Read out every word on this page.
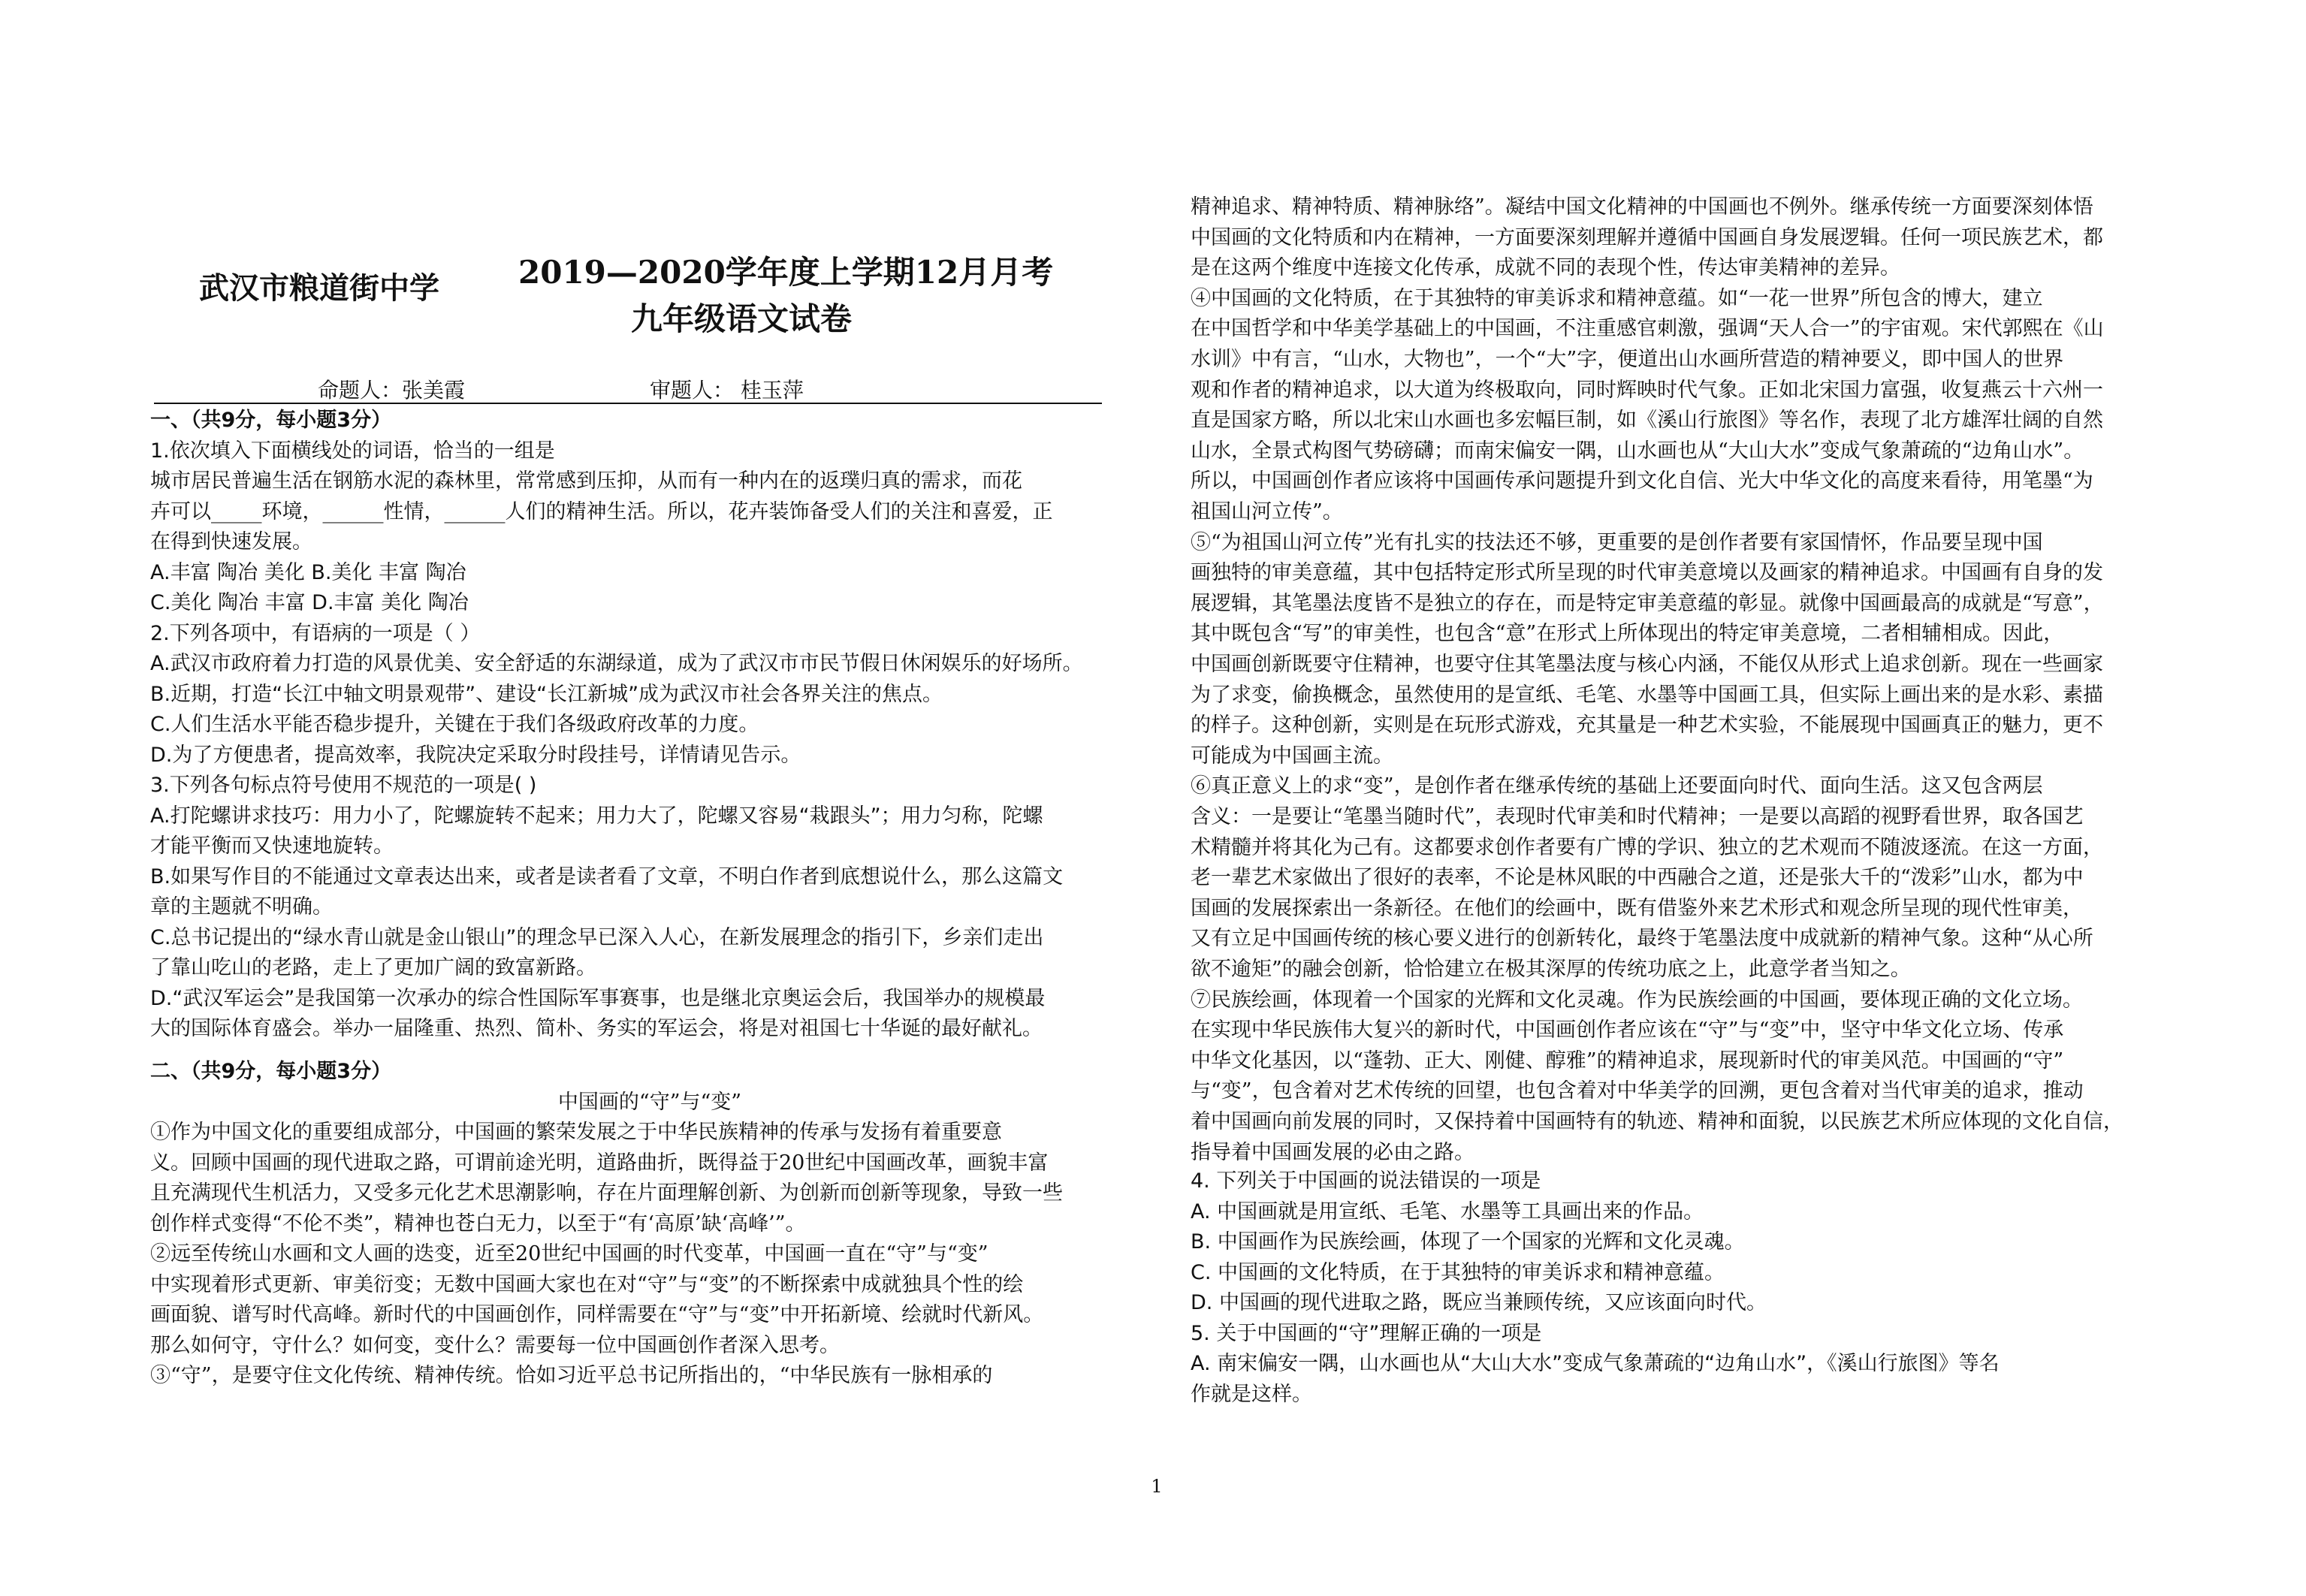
武汉市粮道街中学	2019—2020学年度上学期12月月考
九年级语文试卷
命题人：张美霞	审题人： 桂玉萍
一、（共9分，每小题3分）
1.依次填入下面横线处的词语，恰当的一组是
城市居民普遍生活在钢筋水泥的森林里，常常感到压抑，从而有一种内在的返璞归真的需求，而花
卉可以_____环境，______性情，______人们的精神生活。所以，花卉装饰备受人们的关注和喜爱，正
在得到快速发展。
A.丰富 陶冶 美化 B.美化 丰富 陶冶
C.美化 陶冶 丰富 D.丰富 美化 陶冶
2.下列各项中，有语病的一项是（ ）
A.武汉市政府着力打造的风景优美、安全舒适的东湖绿道，成为了武汉市市民节假日休闲娱乐的好场所。
B.近期，打造“长江中轴文明景观带”、建设“长江新城”成为武汉市社会各界关注的焦点。
C.人们生活水平能否稳步提升，关键在于我们各级政府改革的力度。
D.为了方便患者，提高效率，我院决定采取分时段挂号，详情请见告示。
3.下列各句标点符号使用不规范的一项是( )
A.打陀螺讲求技巧：用力小了，陀螺旋转不起来；用力大了，陀螺又容易“栽跟头”；用力匀称，陀螺
才能平衡而又快速地旋转。
B.如果写作目的不能通过文章表达出来，或者是读者看了文章，不明白作者到底想说什么，那么这篇文
章的主题就不明确。
C.总书记提出的“绿水青山就是金山银山”的理念早已深入人心，在新发展理念的指引下，乡亲们走出
了靠山吃山的老路，走上了更加广阔的致富新路。
D.“武汉军运会”是我国第一次承办的综合性国际军事赛事，也是继北京奥运会后，我国举办的规模最
大的国际体育盛会。举办一届隆重、热烈、简朴、务实的军运会，将是对祖国七十华诞的最好献礼。
二、（共9分，每小题3分）
中国画的“守”与“变”
①作为中国文化的重要组成部分，中国画的繁荣发展之于中华民族精神的传承与发扬有着重要意
义。回顾中国画的现代进取之路，可谓前途光明，道路曲折，既得益于20世纪中国画改革，画貌丰富
且充满现代生机活力，又受多元化艺术思潮影响，存在片面理解创新、为创新而创新等现象，导致一些
创作样式变得“不伦不类”，精神也苍白无力，以至于“有‘高原’缺‘高峰’”。
②远至传统山水画和文人画的迭变，近至20世纪中国画的时代变革，中国画一直在“守”与“变”
中实现着形式更新、审美衍变；无数中国画大家也在对“守”与“变”的不断探索中成就独具个性的绘
画面貌、谱写时代高峰。新时代的中国画创作，同样需要在“守”与“变”中开拓新境、绘就时代新风。
那么如何守，守什么？如何变，变什么？需要每一位中国画创作者深入思考。
③“守”，是要守住文化传统、精神传统。恰如习近平总书记所指出的，“中华民族有一脉相承的
精神追求、精神特质、精神脉络”。凝结中国文化精神的中国画也不例外。继承传统一方面要深刻体悟
中国画的文化特质和内在精神，一方面要深刻理解并遵循中国画自身发展逻辑。任何一项民族艺术，都
是在这两个维度中连接文化传承，成就不同的表现个性，传达审美精神的差异。
④中国画的文化特质，在于其独特的审美诉求和精神意蕴。如“一花一世界”所包含的博大，建立
在中国哲学和中华美学基础上的中国画，不注重感官刺激，强调“天人合一”的宇宙观。宋代郭熙在《山
水训》中有言，“山水，大物也”，一个“大”字，便道出山水画所营造的精神要义，即中国人的世界
观和作者的精神追求，以大道为终极取向，同时辉映时代气象。正如北宋国力富强，收复燕云十六州一
直是国家方略，所以北宋山水画也多宏幅巨制，如《溪山行旅图》等名作，表现了北方雄浑壮阔的自然
山水，全景式构图气势磅礴；而南宋偏安一隅，山水画也从“大山大水”变成气象萧疏的“边角山水”。
所以，中国画创作者应该将中国画传承问题提升到文化自信、光大中华文化的高度来看待，用笔墨“为
祖国山河立传”。
⑤“为祖国山河立传”光有扎实的技法还不够，更重要的是创作者要有家国情怀，作品要呈现中国
画独特的审美意蕴，其中包括特定形式所呈现的时代审美意境以及画家的精神追求。中国画有自身的发
展逻辑，其笔墨法度皆不是独立的存在，而是特定审美意蕴的彰显。就像中国画最高的成就是“写意”，
其中既包含“写”的审美性，也包含“意”在形式上所体现出的特定审美意境，二者相辅相成。因此，
中国画创新既要守住精神，也要守住其笔墨法度与核心内涵，不能仅从形式上追求创新。现在一些画家
为了求变，偷换概念，虽然使用的是宣纸、毛笔、水墨等中国画工具，但实际上画出来的是水彩、素描
的样子。这种创新，实则是在玩形式游戏，充其量是一种艺术实验，不能展现中国画真正的魅力，更不
可能成为中国画主流。
⑥真正意义上的求“变”，是创作者在继承传统的基础上还要面向时代、面向生活。这又包含两层
含义：一是要让“笔墨当随时代”，表现时代审美和时代精神；一是要以高蹈的视野看世界，取各国艺
术精髓并将其化为己有。这都要求创作者要有广博的学识、独立的艺术观而不随波逐流。在这一方面，
老一辈艺术家做出了很好的表率，不论是林风眠的中西融合之道，还是张大千的“泼彩”山水，都为中
国画的发展探索出一条新径。在他们的绘画中，既有借鉴外来艺术形式和观念所呈现的现代性审美，
又有立足中国画传统的核心要义进行的创新转化，最终于笔墨法度中成就新的精神气象。这种“从心所
欲不逾矩”的融会创新，恰恰建立在极其深厚的传统功底之上，此意学者当知之。
⑦民族绘画，体现着一个国家的光辉和文化灵魂。作为民族绘画的中国画，要体现正确的文化立场。
在实现中华民族伟大复兴的新时代，中国画创作者应该在“守”与“变”中，坚守中华文化立场、传承
中华文化基因，以“蓬勃、正大、刚健、醇雅”的精神追求，展现新时代的审美风范。中国画的“守”
与“变”，包含着对艺术传统的回望，也包含着对中华美学的回溯，更包含着对当代审美的追求，推动
着中国画向前发展的同时，又保持着中国画特有的轨迹、精神和面貌，以民族艺术所应体现的文化自信，
指导着中国画发展的必由之路。
4. 下列关于中国画的说法错误的一项是
A. 中国画就是用宣纸、毛笔、水墨等工具画出来的作品。
B. 中国画作为民族绘画，体现了一个国家的光辉和文化灵魂。
C. 中国画的文化特质，在于其独特的审美诉求和精神意蕴。
D. 中国画的现代进取之路，既应当兼顾传统，又应该面向时代。
5. 关于中国画的“守”理解正确的一项是
A. 南宋偏安一隅，山水画也从“大山大水”变成气象萧疏的“边角山水”，《溪山行旅图》等名
作就是这样。
1
